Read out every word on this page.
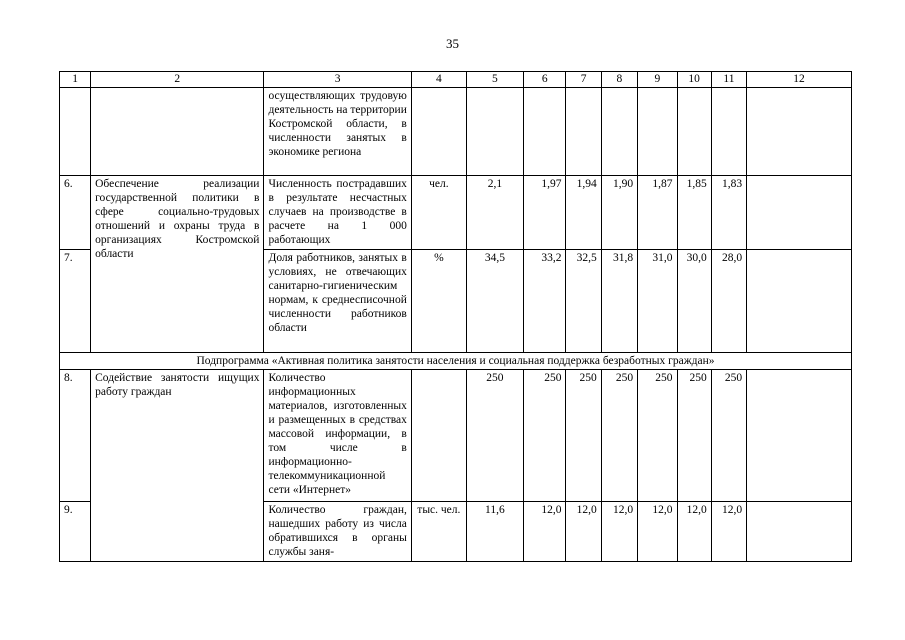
35
1	2	3	4	5	6	7	8	9	10	11	12
		осуществляющих трудовую деятельность на территории Костромской области, в численности занятых в экономике региона									
6.	Обеспечение реализации государственной политики в сфере социально-трудовых отношений и охраны труда в организациях Костромской области	Численность пострадавших в результате несчастных случаев на производстве в расчете на 1 000 работающих	чел.	2,1	1,97	1,94	1,90	1,87	1,85	1,83	
7.		Доля работников, занятых в условиях, не отвечающих санитарно-гигиеническим нормам, к среднесписочной численности работников области	%	34,5	33,2	32,5	31,8	31,0	30,0	28,0	
Подпрограмма «Активная политика занятости населения и социальная поддержка безработных граждан»											
8.	Содействие занятости ищущих работу граждан	Количество информационных материалов, изготовленных и размещенных в средствах массовой информации, в том числе в информационно-телекоммуникационной сети «Интернет»		250	250	250	250	250	250	250	
9.		Количество граждан, нашедших работу из числа обратившихся в органы службы заня-	тыс. чел.	11,6	12,0	12,0	12,0	12,0	12,0	12,0	
